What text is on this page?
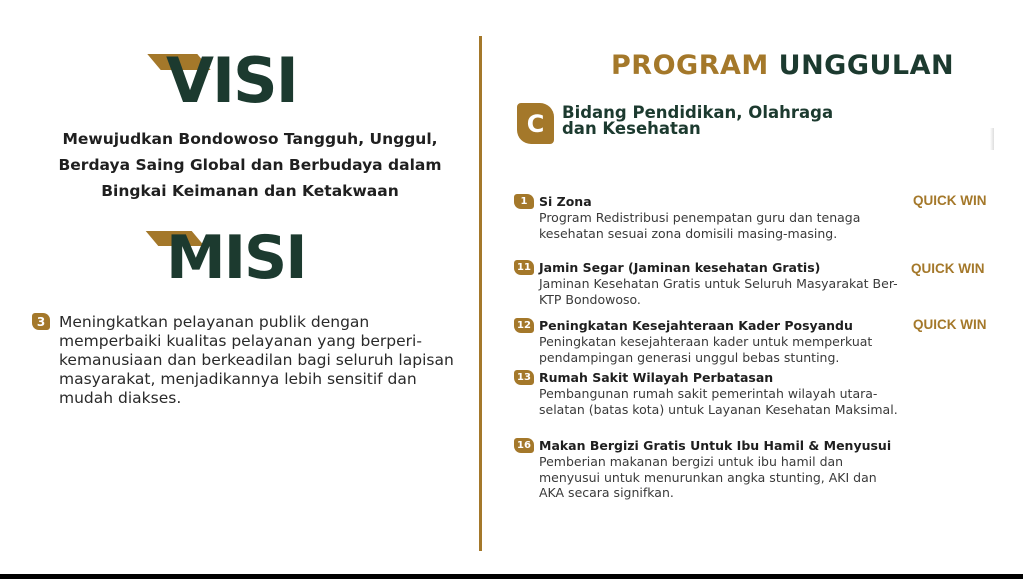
VISI
Mewujudkan Bondowoso Tangguh, Unggul, Berdaya Saing Global dan Berbudaya dalam Bingkai Keimanan dan Ketakwaan
MISI
3 Meningkatkan pelayanan publik dengan memperbaiki kualitas pelayanan yang berperi-kemanusiaan dan berkeadilan bagi seluruh lapisan masyarakat, menjadikannya lebih sensitif dan mudah diakses.
PROGRAM UNGGULAN
C	Bidang Pendidikan, Olahraga
dan Kesehatan
1 Si Zona
Program Redistribusi penempatan guru dan tenaga kesehatan sesuai zona domisili masing-masing.
QUICK WIN
11 Jamin Segar (Jaminan kesehatan Gratis)
Jaminan Kesehatan Gratis untuk Seluruh Masyarakat Ber-KTP Bondowoso.
QUICK WIN
12 Peningkatan Kesejahteraan Kader Posyandu
Peningkatan kesejahteraan kader untuk memperkuat pendampingan generasi unggul bebas stunting.
QUICK WIN
13 Rumah Sakit Wilayah Perbatasan
Pembangunan rumah sakit pemerintah wilayah utara-selatan (batas kota) untuk Layanan Kesehatan Maksimal.
16 Makan Bergizi Gratis Untuk Ibu Hamil & Menyusui
Pemberian makanan bergizi untuk ibu hamil dan menyusui untuk menurunkan angka stunting, AKI dan AKA secara signifkan.
